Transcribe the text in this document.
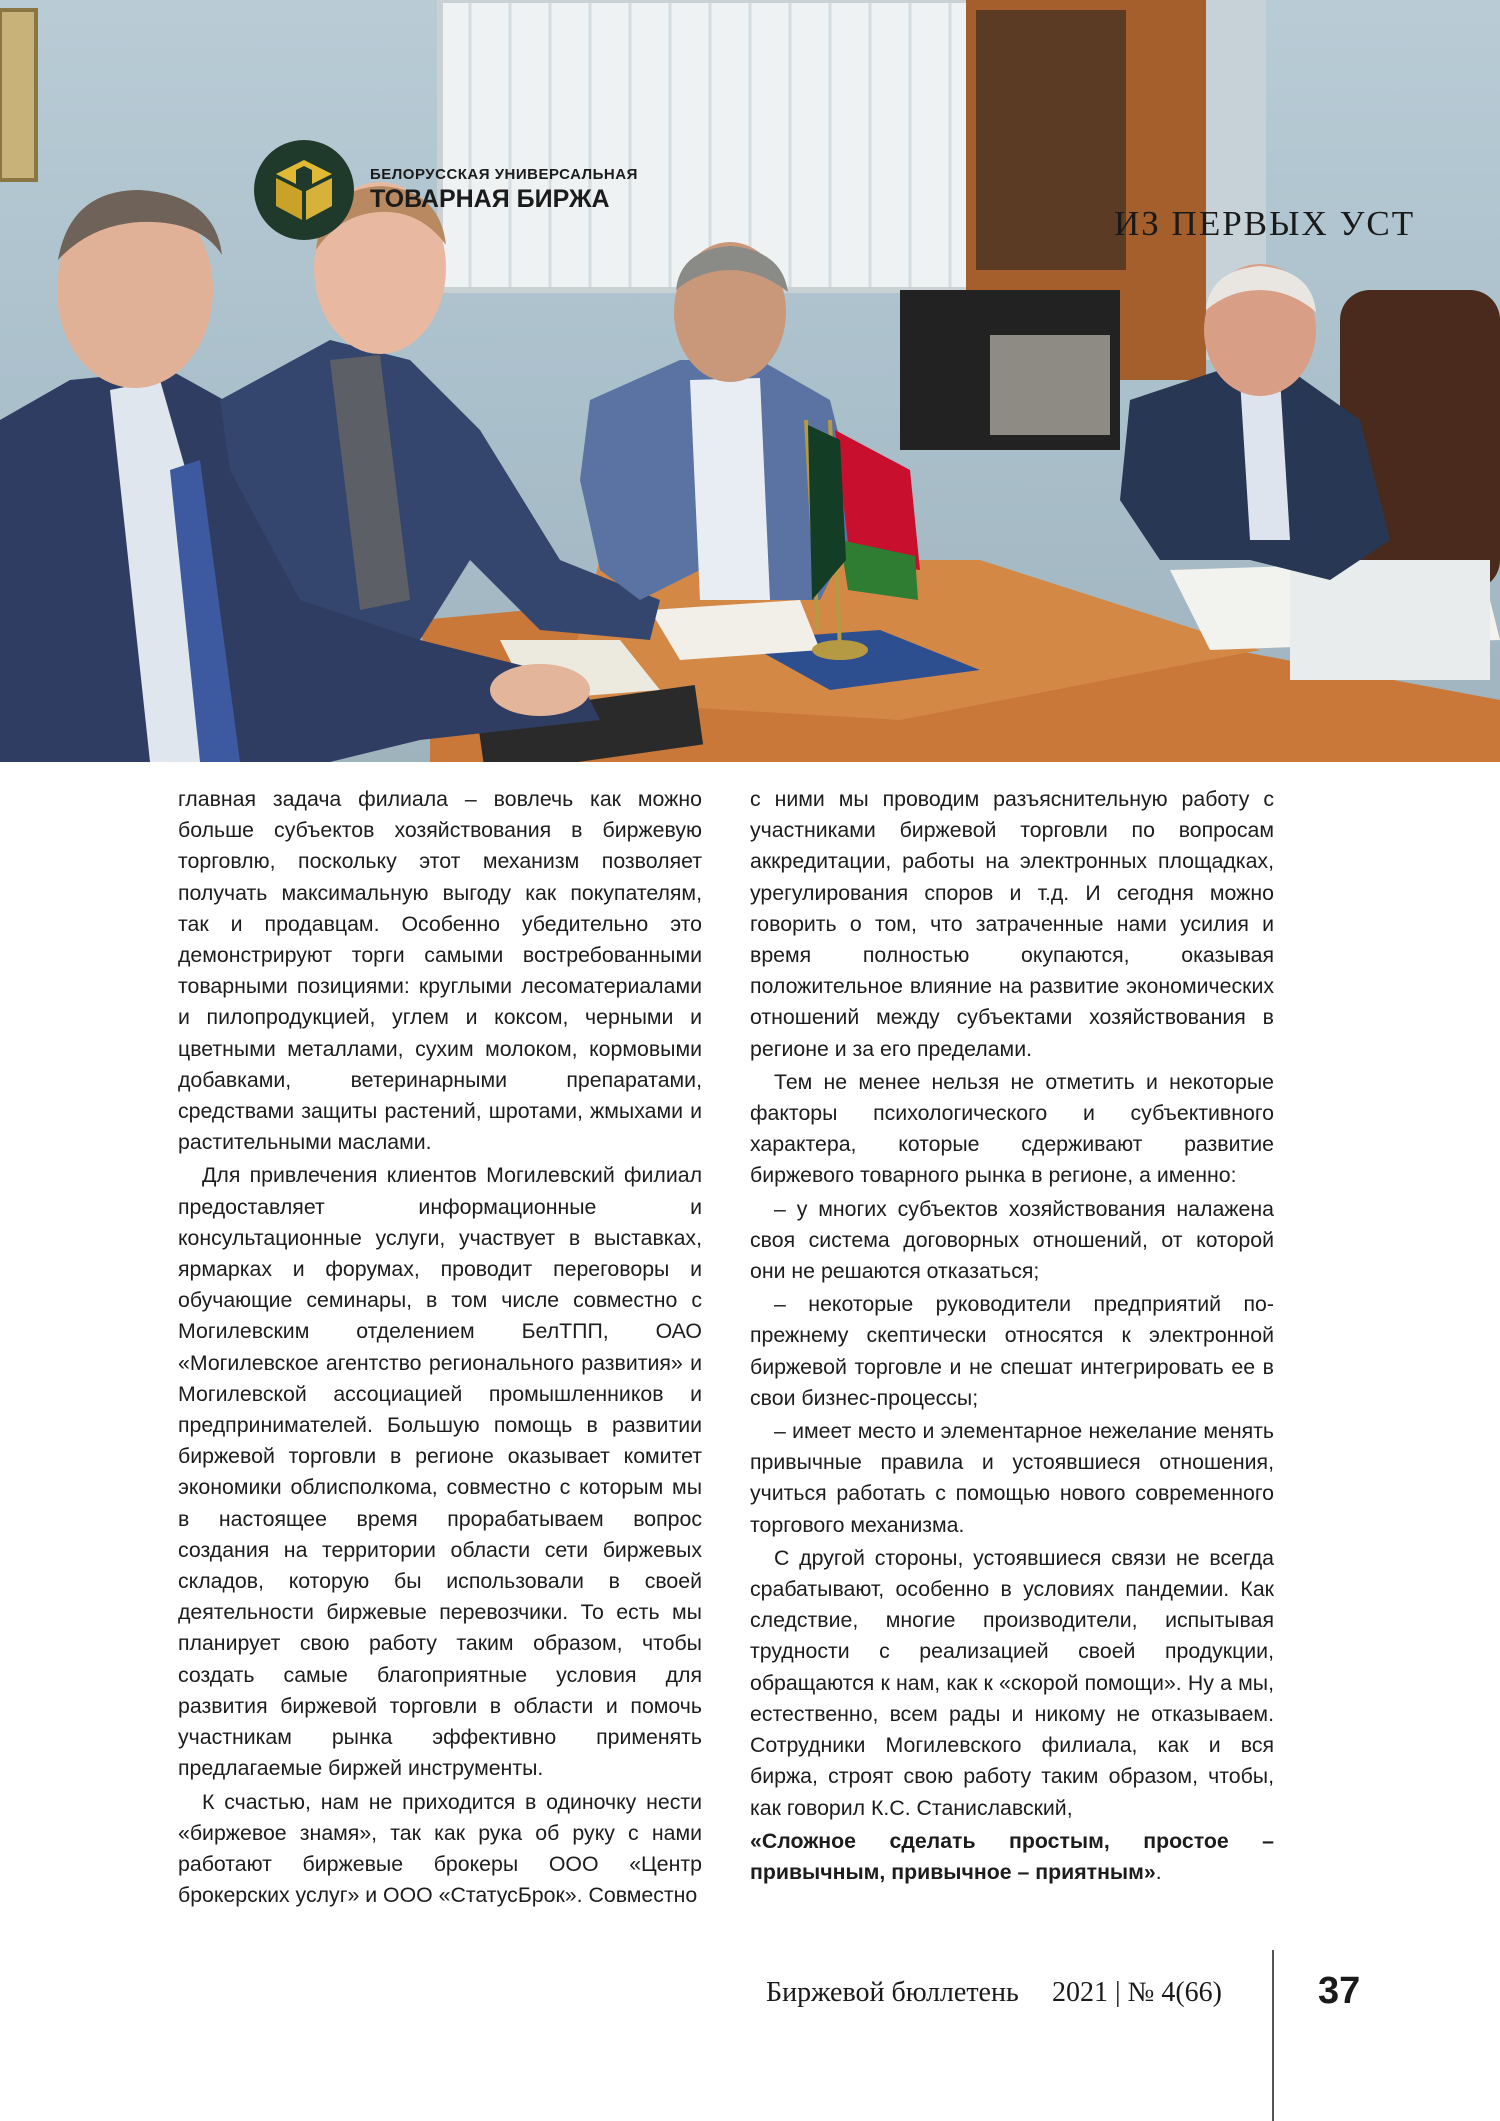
БЕЛОРУССКАЯ УНИВЕРСАЛЬНАЯ
ТОВАРНАЯ БИРЖА
ИЗ ПЕРВЫХ УСТ

главная задача филиала – вовлечь как можно больше субъектов хозяйствования в биржевую торговлю, поскольку этот механизм позволяет получать максимальную выгоду как покупателям, так и продавцам. Особенно убедительно это демонстрируют торги самыми востребованными товарными позициями: круглыми лесоматериалами и пилопродукцией, углем и коксом, черными и цветными металлами, сухим молоком, кормовыми добавками, ветеринарными препаратами, средствами защиты растений, шротами, жмыхами и растительными маслами.

Для привлечения клиентов Могилевский филиал предоставляет информационные и консультационные услуги, участвует в выставках, ярмарках и форумах, проводит переговоры и обучающие семинары, в том числе совместно с Могилевским отделением БелТПП, ОАО «Могилевское агентство регионального развития» и Могилевской ассоциацией промышленников и предпринимателей. Большую помощь в развитии биржевой торговли в регионе оказывает комитет экономики облисполкома, совместно с которым мы в настоящее время прорабатываем вопрос создания на территории области сети биржевых складов, которую бы использовали в своей деятельности биржевые перевозчики. То есть мы планирует свою работу таким образом, чтобы создать самые благоприятные условия для развития биржевой торговли в области и помочь участникам рынка эффективно применять предлагаемые биржей инструменты.

К счастью, нам не приходится в одиночку нести «биржевое знамя», так как рука об руку с нами работают биржевые брокеры ООО «Центр брокерских услуг» и ООО «СтатусБрок». Совместно

с ними мы проводим разъяснительную работу с участниками биржевой торговли по вопросам аккредитации, работы на электронных площадках, урегулирования споров и т.д. И сегодня можно говорить о том, что затраченные нами усилия и время полностью окупаются, оказывая положительное влияние на развитие экономических отношений между субъектами хозяйствования в регионе и за его пределами.

Тем не менее нельзя не отметить и некоторые факторы психологического и субъективного характера, которые сдерживают развитие биржевого товарного рынка в регионе, а именно:

– у многих субъектов хозяйствования налажена своя система договорных отношений, от которой они не решаются отказаться;

– некоторые руководители предприятий по-прежнему скептически относятся к электронной биржевой торговле и не спешат интегрировать ее в свои бизнес-процессы;

– имеет место и элементарное нежелание менять привычные правила и устоявшиеся отношения, учиться работать с помощью нового современного торгового механизма.

С другой стороны, устоявшиеся связи не всегда срабатывают, особенно в условиях пандемии. Как следствие, многие производители, испытывая трудности с реализацией своей продукции, обращаются к нам, как к «скорой помощи». Ну а мы, естественно, всем рады и никому не отказываем. Сотрудники Могилевского филиала, как и вся биржа, строят свою работу таким образом, чтобы, как говорил К.С. Станиславский,

«Сложное сделать простым, простое – привычным, привычное – приятным».

Биржевой бюллетень 2021 | № 4(66)	37
